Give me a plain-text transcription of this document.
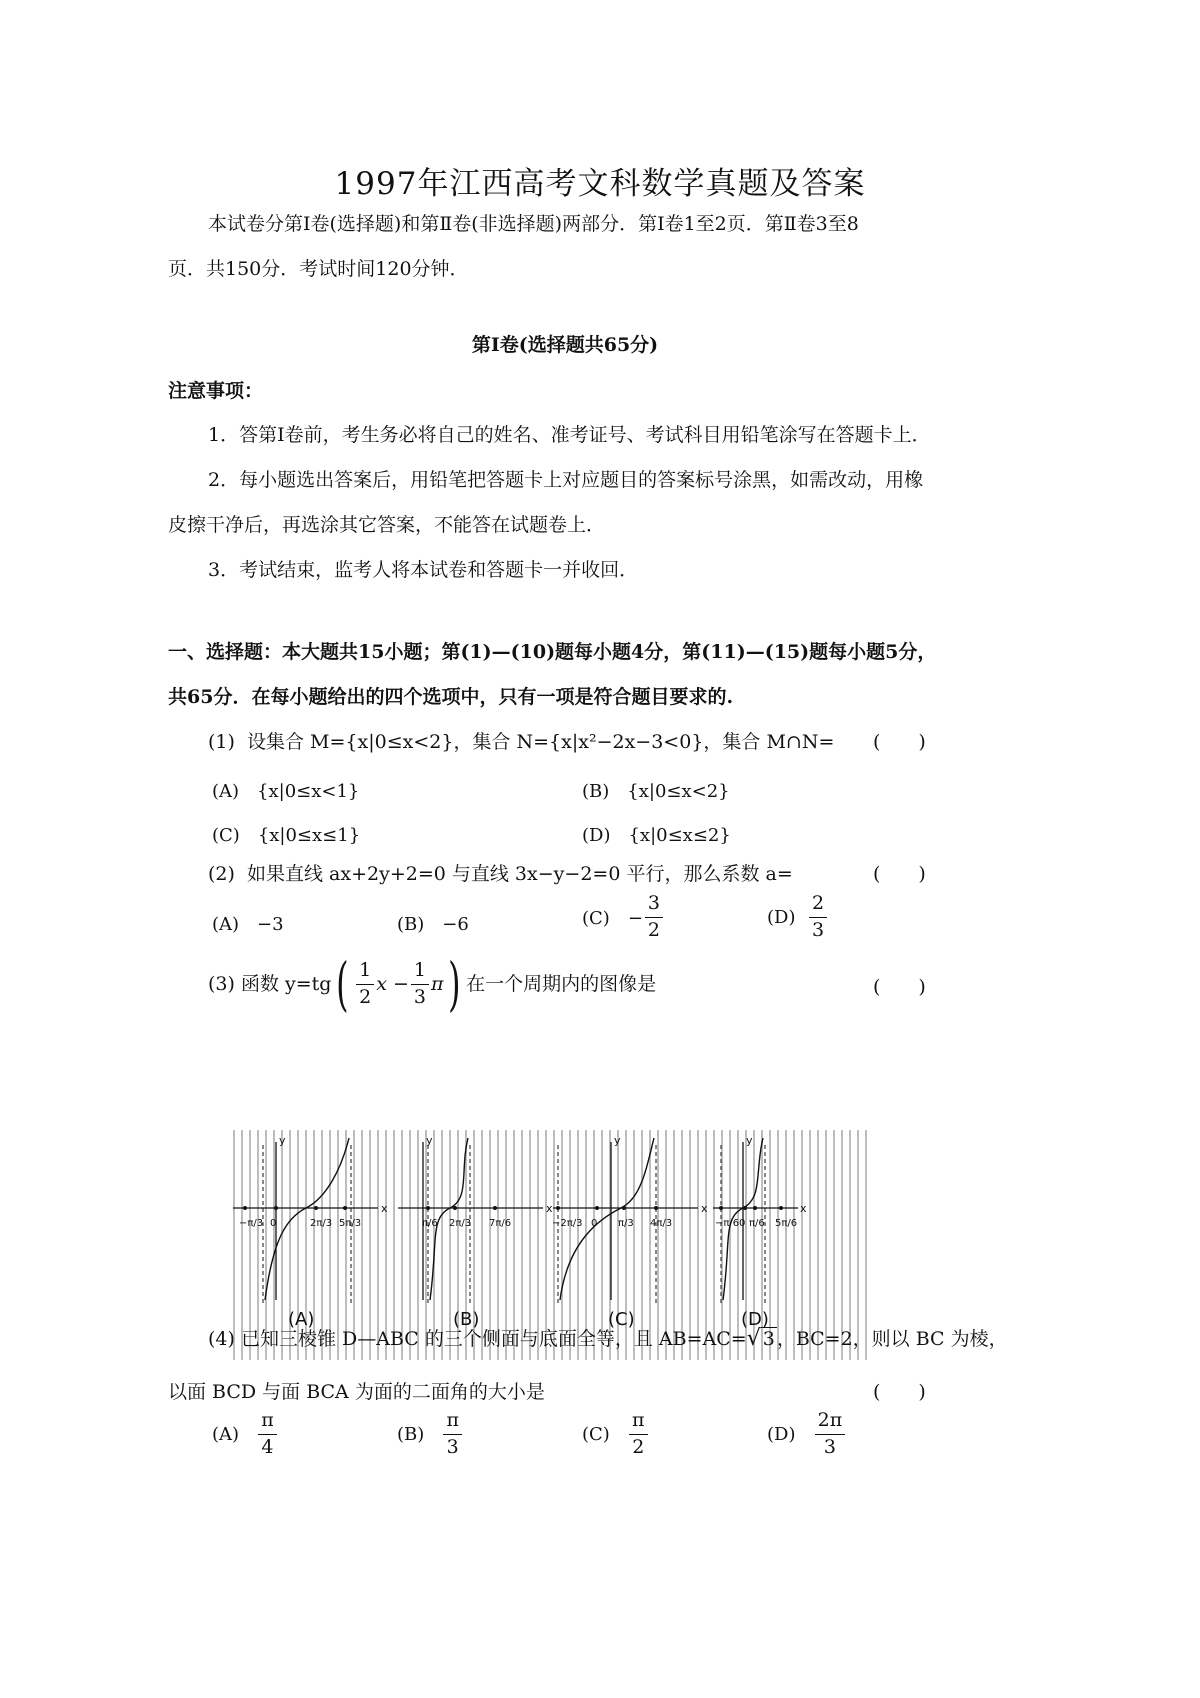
1997年江西高考文科数学真题及答案
本试卷分第Ⅰ卷(选择题)和第Ⅱ卷(非选择题)两部分．第Ⅰ卷1至2页．第Ⅱ卷3至8
页．共150分．考试时间120分钟．
第Ⅰ卷(选择题共65分)
注意事项：
1．答第Ⅰ卷前，考生务必将自己的姓名、准考证号、考试科目用铅笔涂写在答题卡上．
2．每小题选出答案后，用铅笔把答题卡上对应题目的答案标号涂黑，如需改动，用橡
皮擦干净后，再选涂其它答案，不能答在试题卷上．
3．考试结束，监考人将本试卷和答题卡一并收回．
一、选择题：本大题共15小题；第(1)—(10)题每小题4分，第(11)—(15)题每小题5分，
共65分．在每小题给出的四个选项中，只有一项是符合题目要求的.
(1) 设集合 M={x|0≤x<2}，集合 N={x|x²−2x−3<0}，集合 M∩N= (　　)
(A)　{x|0≤x<1}	(B)　{x|0≤x<2}
(C)　{x|0≤x≤1}	(D)　{x|0≤x≤2}
(2) 如果直线 ax+2y+2=0 与直线 3x−y−2=0 平行，那么系数 a=	(　　)
(A)　−3	(B)　−6	(C)　− $\frac{3}{2}$	(D)
$\frac{2}{3}$
(3)
函数 y=tg ( $\frac{1}{2}$ $x - \frac{1}{3}$ π ) 在一个周期内的图像是	(　　)
x
y
−π/3 0	2π/3 5π/3
(A)
x
y
π/6 2π/3 7π/6
(B)
x
y
−2π/3 0 π/3 4π/3
(C)
x
y
−π/6 0 π/6 5π/6
(D)
(4)
已知三棱锥 D—ABC 的三个侧面与底面全等，且 AB=AC= √ 3 ，BC=2，则以 BC 为棱，
以面 BCD 与面 BCA 为面的二面角的大小是	(　　)
(A)
$\frac{\pi}{4}$	(B)
$\frac{\pi}{3}$	(C)
$\frac{\pi}{2}$	(D)
$\frac{2\pi}{3}$
